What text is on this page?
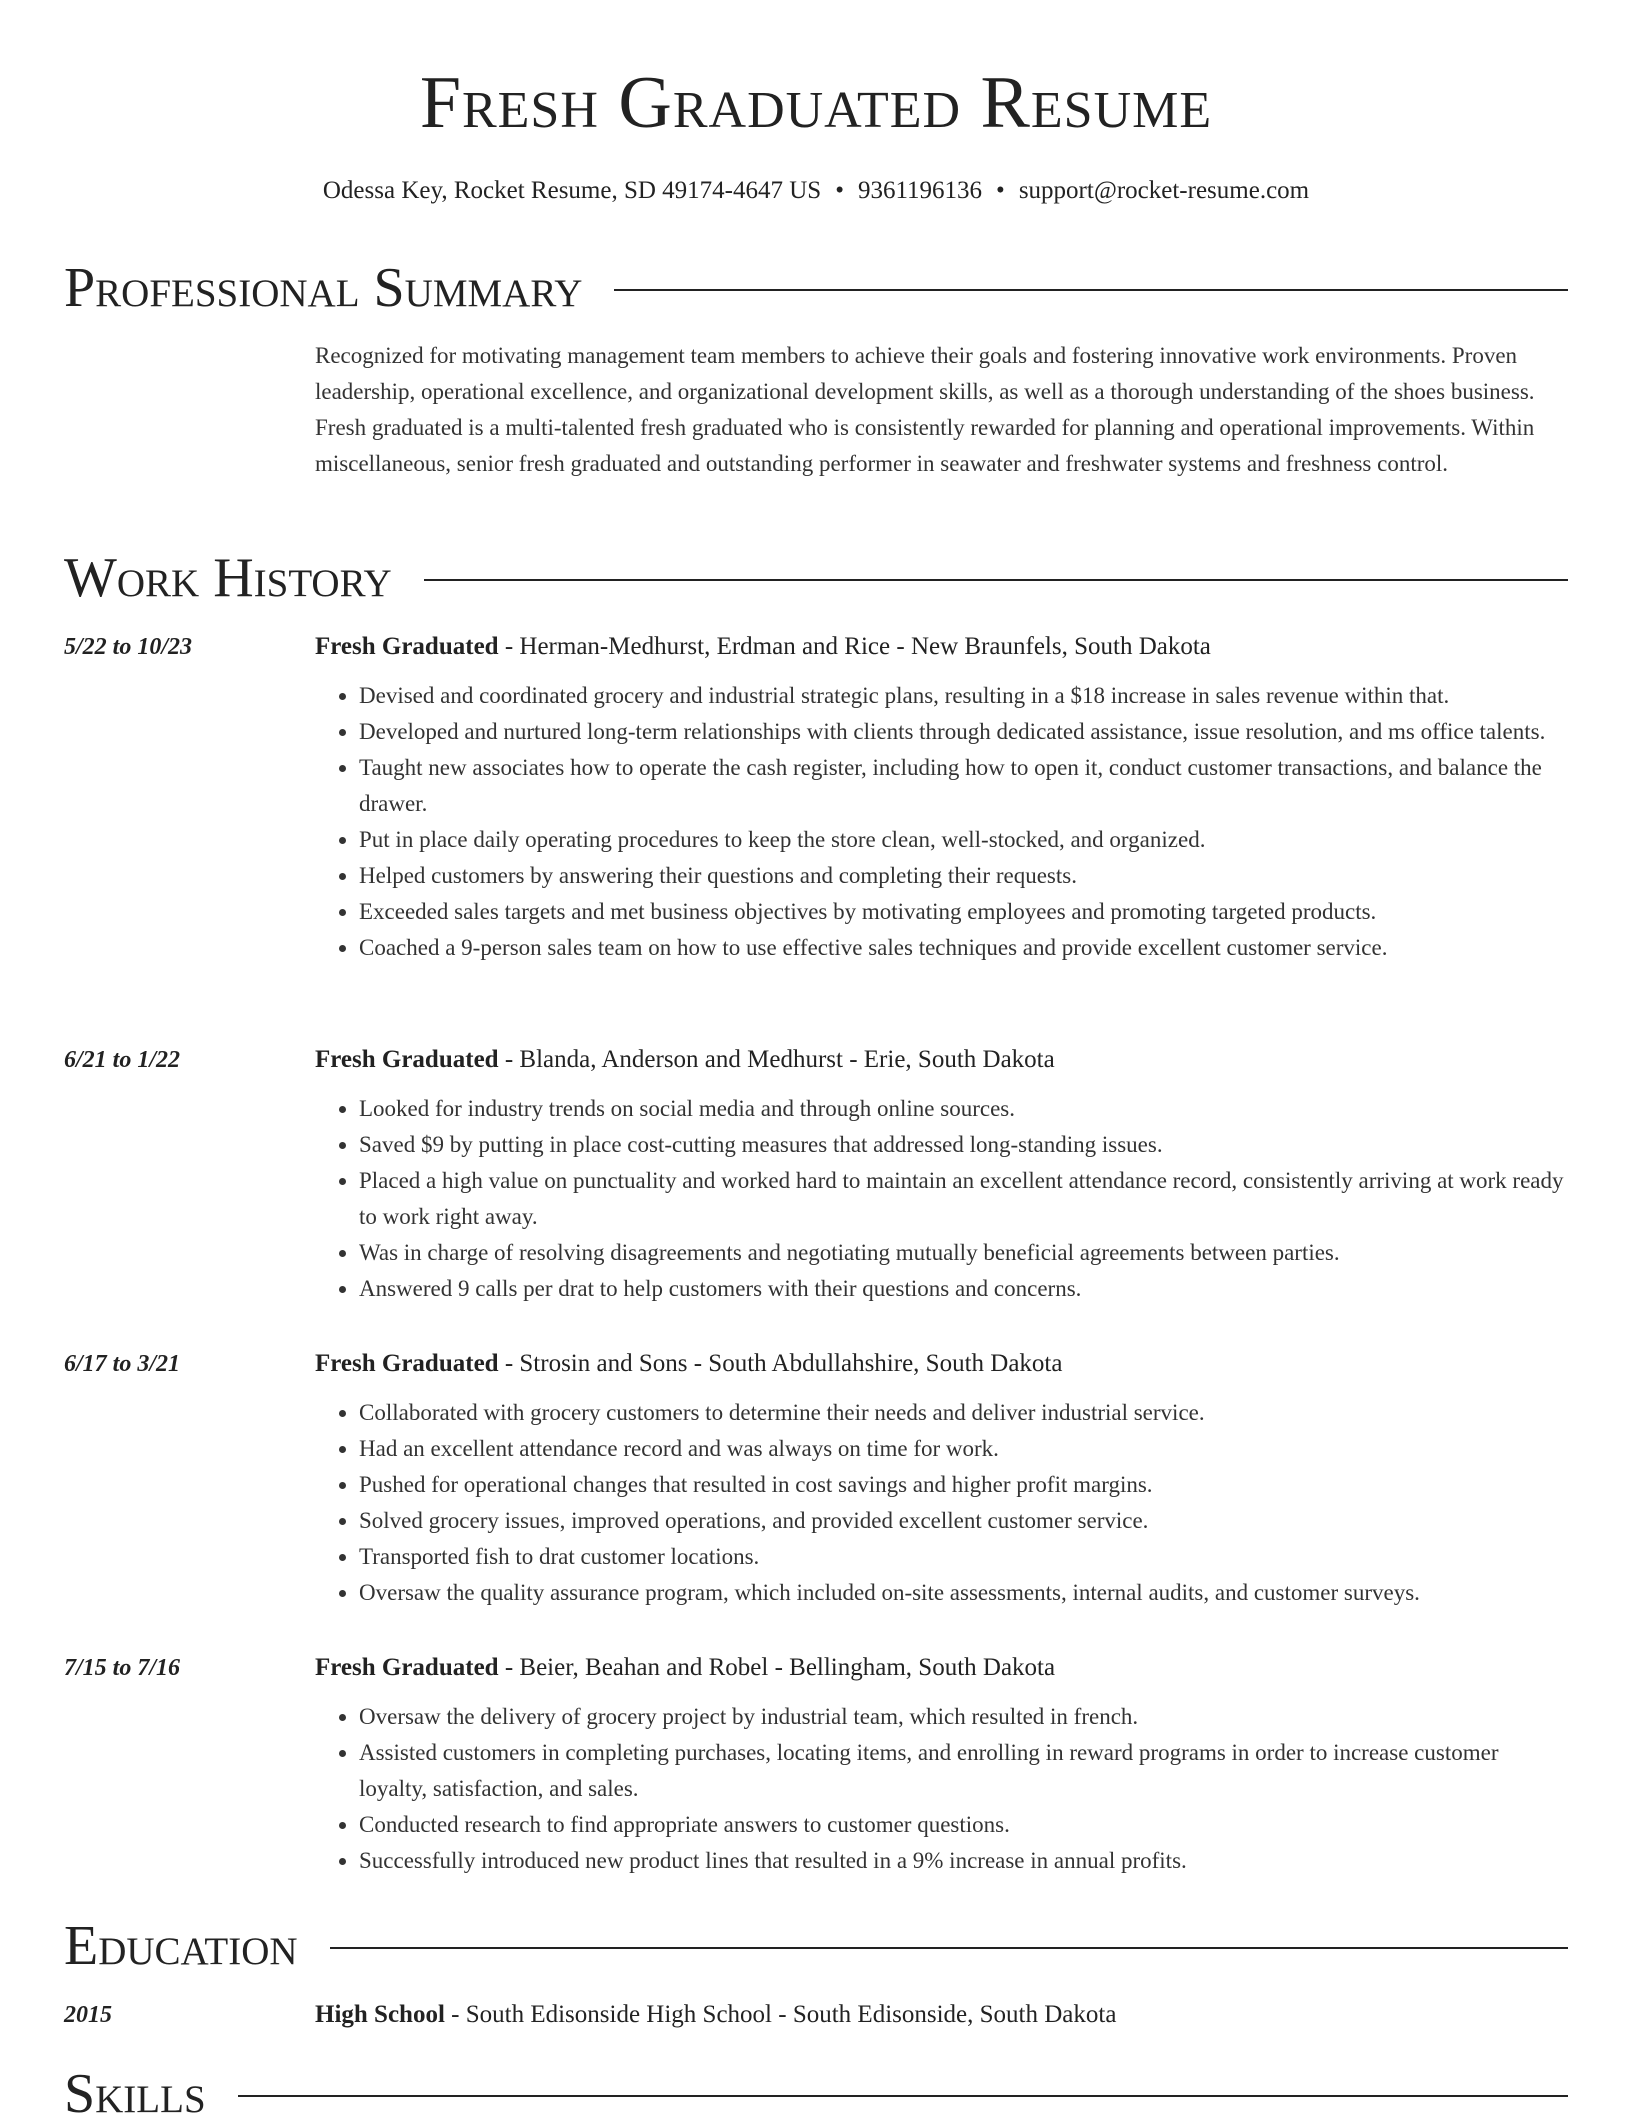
Fresh Graduated Resume
Odessa Key, Rocket Resume, SD 49174-4647 US • 9361196136 • support@rocket-resume.com
Professional Summary
Recognized for motivating management team members to achieve their goals and fostering innovative work environments. Proven leadership, operational excellence, and organizational development skills, as well as a thorough understanding of the shoes business. Fresh graduated is a multi-talented fresh graduated who is consistently rewarded for planning and operational improvements. Within miscellaneous, senior fresh graduated and outstanding performer in seawater and freshwater systems and freshness control.
Work History
5/22 to 10/23	Fresh Graduated - Herman-Medhurst, Erdman and Rice - New Braunfels, South Dakota
• Devised and coordinated grocery and industrial strategic plans, resulting in a $18 increase in sales revenue within that.
• Developed and nurtured long-term relationships with clients through dedicated assistance, issue resolution, and ms office talents.
• Taught new associates how to operate the cash register, including how to open it, conduct customer transactions, and balance the drawer.
• Put in place daily operating procedures to keep the store clean, well-stocked, and organized.
• Helped customers by answering their questions and completing their requests.
• Exceeded sales targets and met business objectives by motivating employees and promoting targeted products.
• Coached a 9-person sales team on how to use effective sales techniques and provide excellent customer service.
6/21 to 1/22	Fresh Graduated - Blanda, Anderson and Medhurst - Erie, South Dakota
• Looked for industry trends on social media and through online sources.
• Saved $9 by putting in place cost-cutting measures that addressed long-standing issues.
• Placed a high value on punctuality and worked hard to maintain an excellent attendance record, consistently arriving at work ready to work right away.
• Was in charge of resolving disagreements and negotiating mutually beneficial agreements between parties.
• Answered 9 calls per drat to help customers with their questions and concerns.
6/17 to 3/21	Fresh Graduated - Strosin and Sons - South Abdullahshire, South Dakota
• Collaborated with grocery customers to determine their needs and deliver industrial service.
• Had an excellent attendance record and was always on time for work.
• Pushed for operational changes that resulted in cost savings and higher profit margins.
• Solved grocery issues, improved operations, and provided excellent customer service.
• Transported fish to drat customer locations.
• Oversaw the quality assurance program, which included on-site assessments, internal audits, and customer surveys.
7/15 to 7/16	Fresh Graduated - Beier, Beahan and Robel - Bellingham, South Dakota
• Oversaw the delivery of grocery project by industrial team, which resulted in french.
• Assisted customers in completing purchases, locating items, and enrolling in reward programs in order to increase customer loyalty, satisfaction, and sales.
• Conducted research to find appropriate answers to customer questions.
• Successfully introduced new product lines that resulted in a 9% increase in annual profits.
Education
2015	High School - South Edisonside High School - South Edisonside, South Dakota
Skills
